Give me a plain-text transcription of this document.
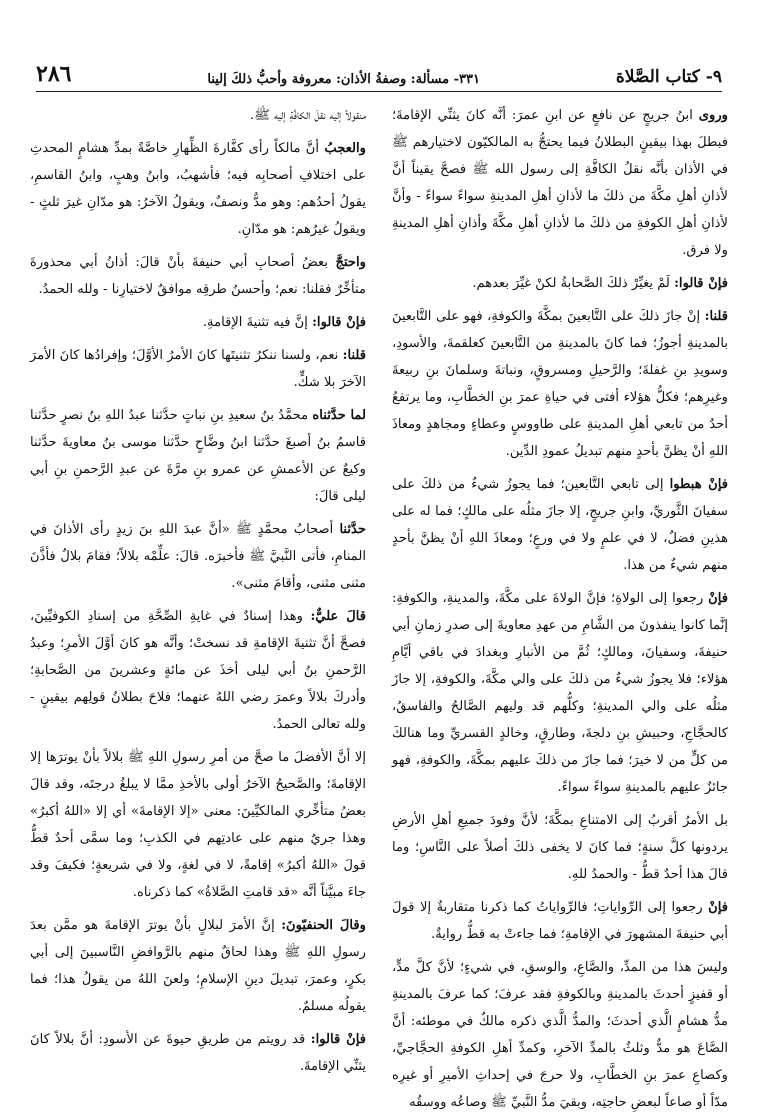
٩- كتاب الصَّلاة
٣٣١- مسألة: وصفةُ الأذان: معروفة وأحبُّ ذلكَ إلينا
٢٨٦

وروى ابنُ جريجٍ عن نافعٍ عن ابنِ عمرَ: أنَّه كانَ يثنِّي الإقامةَ؛ فبطلَ بهذا بيقينٍ البطلانُ فيما يحتجُّ به المالكيّون لاختيارهم ﷺ في الأذان بأنَّه نقلُ الكافَّةِ إلى رسول الله ﷺ فصحَّ يقيناً أنَّ لأذانِ أهلِ مكَّةَ من ذلكَ ما لأذانِ أهلِ المدينةِ سواءً سواءً - وأنَّ لأذانِ أهلِ الكوفةِ من ذلكَ ما لأذانِ أهلِ مكَّةَ وأذانِ أهلِ المدينةِ ولا فرق.

فإنْ قالوا: لَمْ يغيِّرْ ذلكَ الصَّحابةُ لكنْ غيِّرَ بعدهم.

قلنا: إنْ جازَ ذلكَ على التَّابعينَ بمكَّةَ والكوفةِ، فهو على التَّابعينَ بالمدينةِ أجوزُ؛ فما كانَ بالمدينةِ من التَّابعينَ كعلقمةَ، والأسودِ، وسويدِ بنِ غفلةَ؛ والرَّحيلِ ومسروقٍ، ونباتةَ وسلمانَ بنِ ربيعةَ وغيرِهم؛ فكلُّ هؤلاء أفتى في حياةِ عمرَ بنِ الخطَّابِ، وما يرتفعُ أحدٌ من تابعي أهلِ المدينةِ على طاووسٍ وعطاءٍ ومجاهدٍ ومعاذَ اللهِ أنْ يظنَّ بأحدٍ منهم تبديلُ عمودِ الدِّين.

فإنْ هبطوا إلى تابعي التَّابعين؛ فما يجوزُ شيءٌ من ذلكَ على سفيانَ الثَّوريِّ، وابنِ جريجٍ، إلا جازَ مثلُه على مالكٍ؛ فما له على هذينِ فضلٌ، لا في علمٍ ولا في ورعٍ؛ ومعاذَ اللهِ أنْ يظنَّ بأحدٍ منهم شيءٌ من هذا.

فإنْ رجعوا إلى الولاةِ؛ فإنَّ الولاةَ على مكَّةَ، والمدينةِ، والكوفةِ: إنَّما كانوا ينفذونَ من الشَّامِ من عهدِ معاويةَ إلى صدرِ زمانِ أبي حنيفةَ، وسفيانَ، ومالكٍ؛ ثُمَّ من الأنبارِ وبغدادَ في باقي أيَّامِ هؤلاء؛ فلا يجوزُ شيءٌ من ذلكَ على والي مكَّةَ، والكوفةِ، إلا جازَ مثلُه على والي المدينةِ؛ وكلُّهم قد وليهم الصَّالحُ والفاسقُ، كالحجَّاجِ، وحبيشِ بنِ دلجةَ، وطارقٍ، وخالدٍ القسريِّ وما هنالكَ من كلٍّ من لا خيرَ؛ فما جازَ من ذلكَ عليهم بمكَّةَ، والكوفةِ، فهو جائزٌ عليهم بالمدينةِ سواءً سواءً.

بل الأمرُ أقربُ إلى الامتناعِ بمكَّةَ؛ لأنَّ وفودَ جميعِ أهلِ الأرضِ يردونها كلَّ سنةٍ؛ فما كانَ لا يخفى ذلكَ أصلاً على النَّاسِ؛ وما قالَ هذا أحدٌ قطُّ - والحمدُ للهِ.

فإنْ رجعوا إلى الرِّواياتِ؛ فالرِّواياتُ كما ذكرنا متقاربةٌ إلا قولَ أبي حنيفةَ المشهورَ في الإقامةِ؛ فما جاءتْ به قطُّ روايةٌ.

وليسَ هذا من المدِّ، والصَّاعِ، والوسقِ، في شيءٍ؛ لأنَّ كلَّ مدٍّ، أو قفيزٍ أحدثَ بالمدينةِ وبالكوفةِ فقد عرفَ؛ كما عرفَ بالمدينةِ مدُّ هشامٍ الَّذي أحدثَ؛ والمدُّ الَّذي ذكره مالكٌ في موطئه: أنَّ الصَّاعَ هو مدٌّ وثلثٌ بالمدِّ الآخرِ، وكمدِّ أهلِ الكوفةِ الحجَّاجيِّ، وكصاعِ عمرَ بنِ الخطَّابِ، ولا حرجَ في إحداثِ الأميرِ أو غيرِه مدّاً أو صاعاً لبعضِ حاجتِه، وبقيَ مدُّ النَّبيِّ ﷺ وصاعُه ووسقُه

منقولاً إليه نقلَ الكافَّةِ إليه ﷺ.

والعجبُ أنَّ مالكاً رأى كفَّارةَ الظِّهارِ خاصَّةً بمدِّ هشامٍ المحدثِ على اختلافِ أصحابِه فيه؛ فأشهبُ، وابنُ وهبٍ، وابنُ القاسمِ، يقولُ أحدُهم: وهو مدٌّ ونصفٌ، ويقولُ الآخرُ: هو مدّانِ غيرَ ثلثٍ - ويقولُ غيرُهم: هو مدّانِ.

واحتجَّ بعضُ أصحابِ أبي حنيفةَ بأنْ قالَ: أذانُ أبي محذورةَ متأخِّرٌ فقلنا: نعم؛ وأحسنُ طرقِه موافقٌ لاختيارِنا - ولله الحمدُ.

فإنْ قالوا: إنَّ فيه تثنيةَ الإقامةِ.

قلنا: نعم، ولسنا ننكرُ تثنيتَها كانَ الأمرُ الأوَّلَ؛ وإفرادُها كانَ الأمرَ الآخرَ بلا شكٍّ.

لما حدَّثناه محمَّدُ بنُ سعيدِ بنِ نباتٍ حدَّثنا عبدُ اللهِ بنُ نصرٍ حدَّثنا قاسمُ بنُ أصبغَ حدَّثنا ابنُ وضَّاحٍ حدَّثنا موسى بنُ معاويةَ حدَّثنا وكيعٌ عن الأعمشِ عن عمرو بنِ مرَّةَ عن عبدِ الرَّحمنِ بنِ أبي ليلى قالَ:

حدَّثنا أصحابُ محمَّدٍ ﷺ «أنَّ عبدَ اللهِ بنَ زيدٍ رأى الأذانَ في المنامِ، فأتى النَّبيَّ ﷺ فأخبرَه. قالَ: علِّمْه بلالاً؛ فقامَ بلالٌ فأذَّنَ مثنى مثنى، وأقامَ مثنى».

قالَ عليٌّ: وهذا إسنادٌ في غايةِ الصِّحَّةِ من إسنادِ الكوفيِّينَ، فصحَّ أنَّ تثنيةَ الإقامةِ قد نسختْ؛ وأنَّه هو كانَ أوَّلَ الأمرِ؛ وعبدُ الرَّحمنِ بنُ أبي ليلى أخذَ عن مائةٍ وعشرينَ من الصَّحابةِ؛ وأدركَ بلالاً وعمرَ رضي اللهُ عنهما؛ فلاحَ بطلانُ قولِهم بيقينٍ - ولله تعالى الحمدُ.

إلا أنَّ الأفضلَ ما صحَّ من أمرِ رسولِ اللهِ ﷺ بلالاً بأنْ يوترَها إلا الإقامةَ؛ والصَّحيحُ الآخرُ أولى بالأخذِ ممَّا لا يبلغُ درجتَه، وقد قالَ بعضُ متأخِّري المالكيِّينَ: معنى «إلا الإقامةَ» أي إلا «اللهُ أكبرُ» وهذا جريٌ منهم على عادتِهم في الكذبِ؛ وما سمَّى أحدٌ قطُّ قولَ «اللهُ أكبرُ» إقامةً، لا في لغةٍ، ولا في شريعةٍ؛ فكيفَ وقد جاءَ مبيَّناً أنَّه «قد قامتِ الصَّلاةُ» كما ذكرناه.

وقالَ الحنفيّونَ: إنَّ الأمرَ لبلالٍ بأنْ يوترَ الإقامةَ هو ممَّن بعدَ رسولِ اللهِ ﷺ وهذا لحاقٌ منهم بالرَّوافضِ النَّاسبينَ إلى أبي بكرٍ، وعمرَ، تبديلَ دينِ الإسلامِ؛ ولعنَ اللهُ من يقولُ هذا؛ فما يقولُه مسلمٌ.

فإنْ قالوا: قد رويتم من طريقِ حيوةَ عن الأسودِ: أنَّ بلالاً كانَ يثنِّي الإقامةَ.
